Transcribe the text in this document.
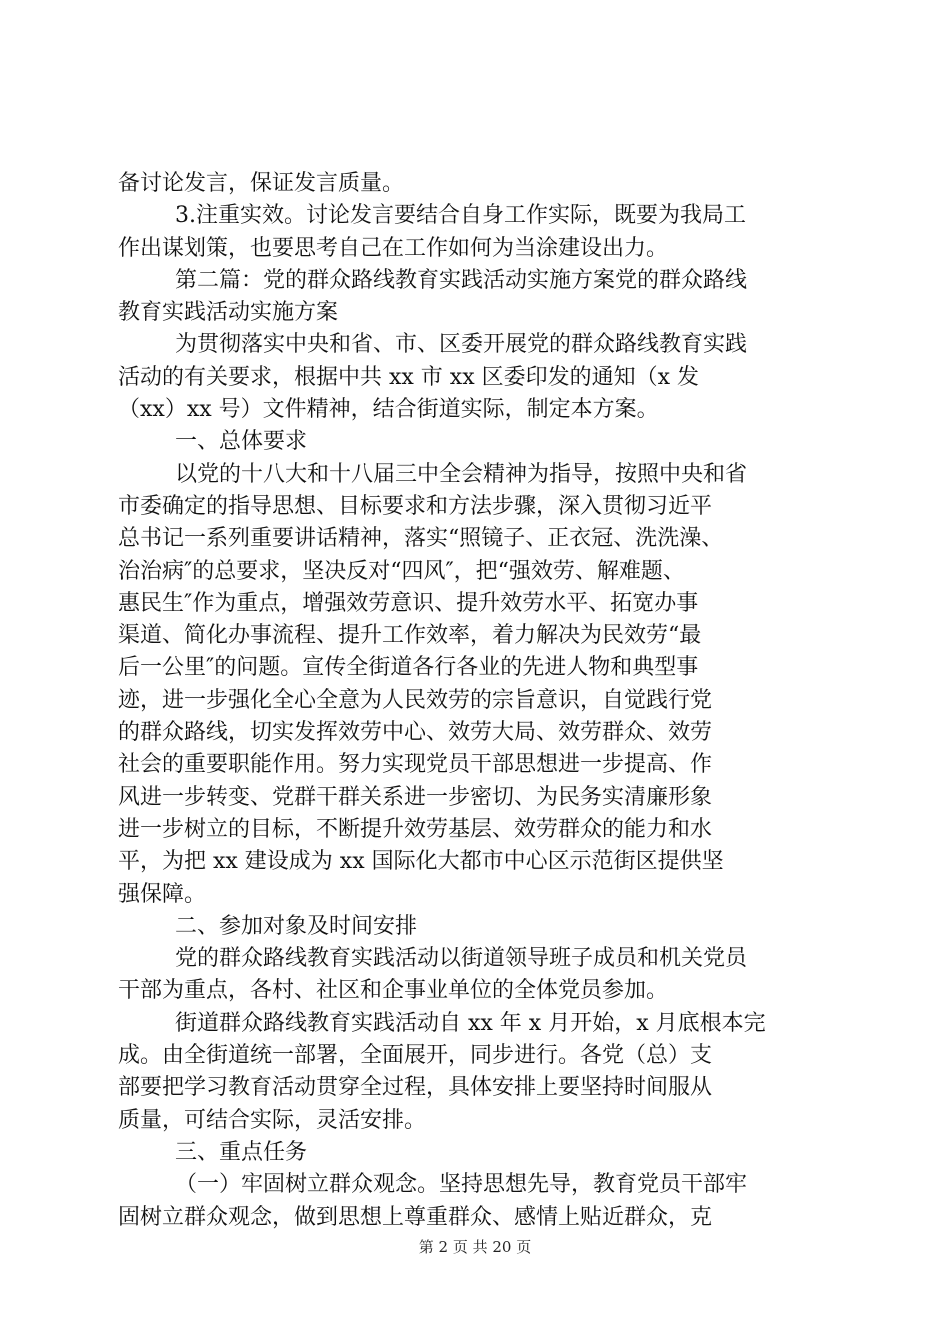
备讨论发言，保证发言质量。
3.注重实效。讨论发言要结合自身工作实际，既要为我局工
作出谋划策，也要思考自己在工作如何为当涂建设出力。
第二篇：党的群众路线教育实践活动实施方案党的群众路线
教育实践活动实施方案
为贯彻落实中央和省、市、区委开展党的群众路线教育实践
活动的有关要求，根据中共 xx 市 xx 区委印发的通知（x 发
（xx）xx 号）文件精神，结合街道实际，制定本方案。
一、总体要求
以党的十八大和十八届三中全会精神为指导，按照中央和省
市委确定的指导思想、目标要求和方法步骤，深入贯彻习近平
总书记一系列重要讲话精神，落实“照镜子、正衣冠、洗洗澡、
治治病″的总要求，坚决反对“四风″，把“强效劳、解难题、
惠民生″作为重点，增强效劳意识、提升效劳水平、拓宽办事
渠道、简化办事流程、提升工作效率，着力解决为民效劳“最
后一公里″的问题。宣传全街道各行各业的先进人物和典型事
迹，进一步强化全心全意为人民效劳的宗旨意识，自觉践行党
的群众路线，切实发挥效劳中心、效劳大局、效劳群众、效劳
社会的重要职能作用。努力实现党员干部思想进一步提高、作
风进一步转变、党群干群关系进一步密切、为民务实清廉形象
进一步树立的目标，不断提升效劳基层、效劳群众的能力和水
平，为把 xx 建设成为 xx 国际化大都市中心区示范街区提供坚
强保障。
二、参加对象及时间安排
党的群众路线教育实践活动以街道领导班子成员和机关党员
干部为重点，各村、社区和企事业单位的全体党员参加。
街道群众路线教育实践活动自 xx 年 x 月开始，x 月底根本完
成。由全街道统一部署，全面展开，同步进行。各党（总）支
部要把学习教育活动贯穿全过程，具体安排上要坚持时间服从
质量，可结合实际，灵活安排。
三、重点任务
（一）牢固树立群众观念。坚持思想先导，教育党员干部牢
固树立群众观念，做到思想上尊重群众、感情上贴近群众，克
第 2 页 共 20 页
